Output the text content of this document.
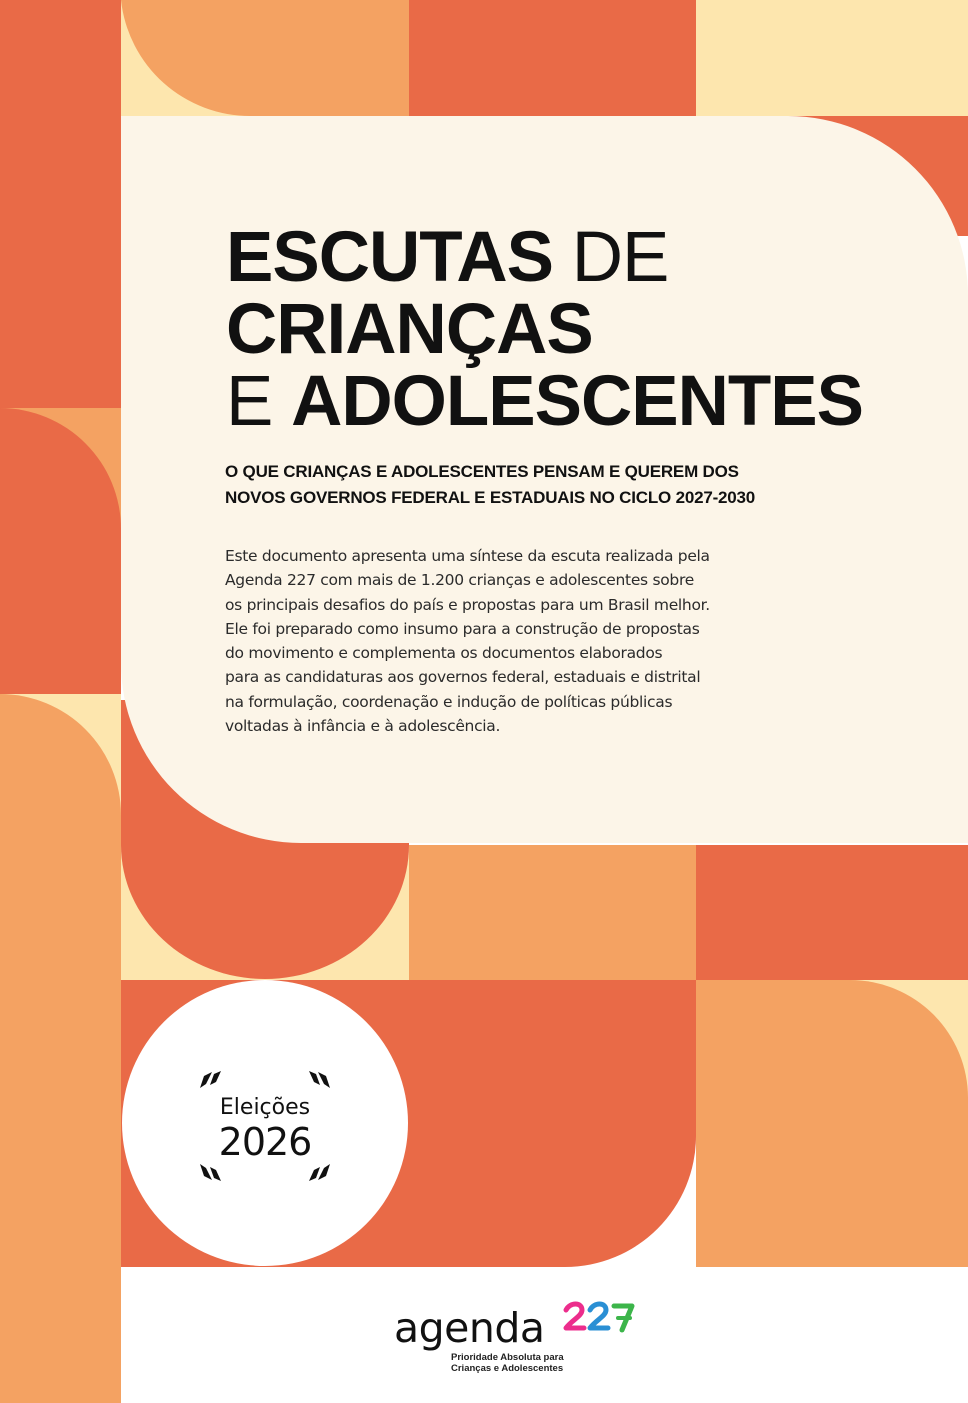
ESCUTAS DE
CRIANÇAS
E ADOLESCENTES
O QUE CRIANÇAS E ADOLESCENTES PENSAM E QUEREM DOS
NOVOS GOVERNOS FEDERAL E ESTADUAIS NO CICLO 2027-2030
Este documento apresenta uma síntese da escuta realizada pela
Agenda 227 com mais de 1.200 crianças e adolescentes sobre
os principais desafios do país e propostas para um Brasil melhor.
Ele foi preparado como insumo para a construção de propostas
do movimento e complementa os documentos elaborados
para as candidaturas aos governos federal, estaduais e distrital
na formulação, coordenação e indução de políticas públicas
voltadas à infância e à adolescência.
Eleições
2026
agenda
Prioridade Absoluta para
Crianças e Adolescentes
